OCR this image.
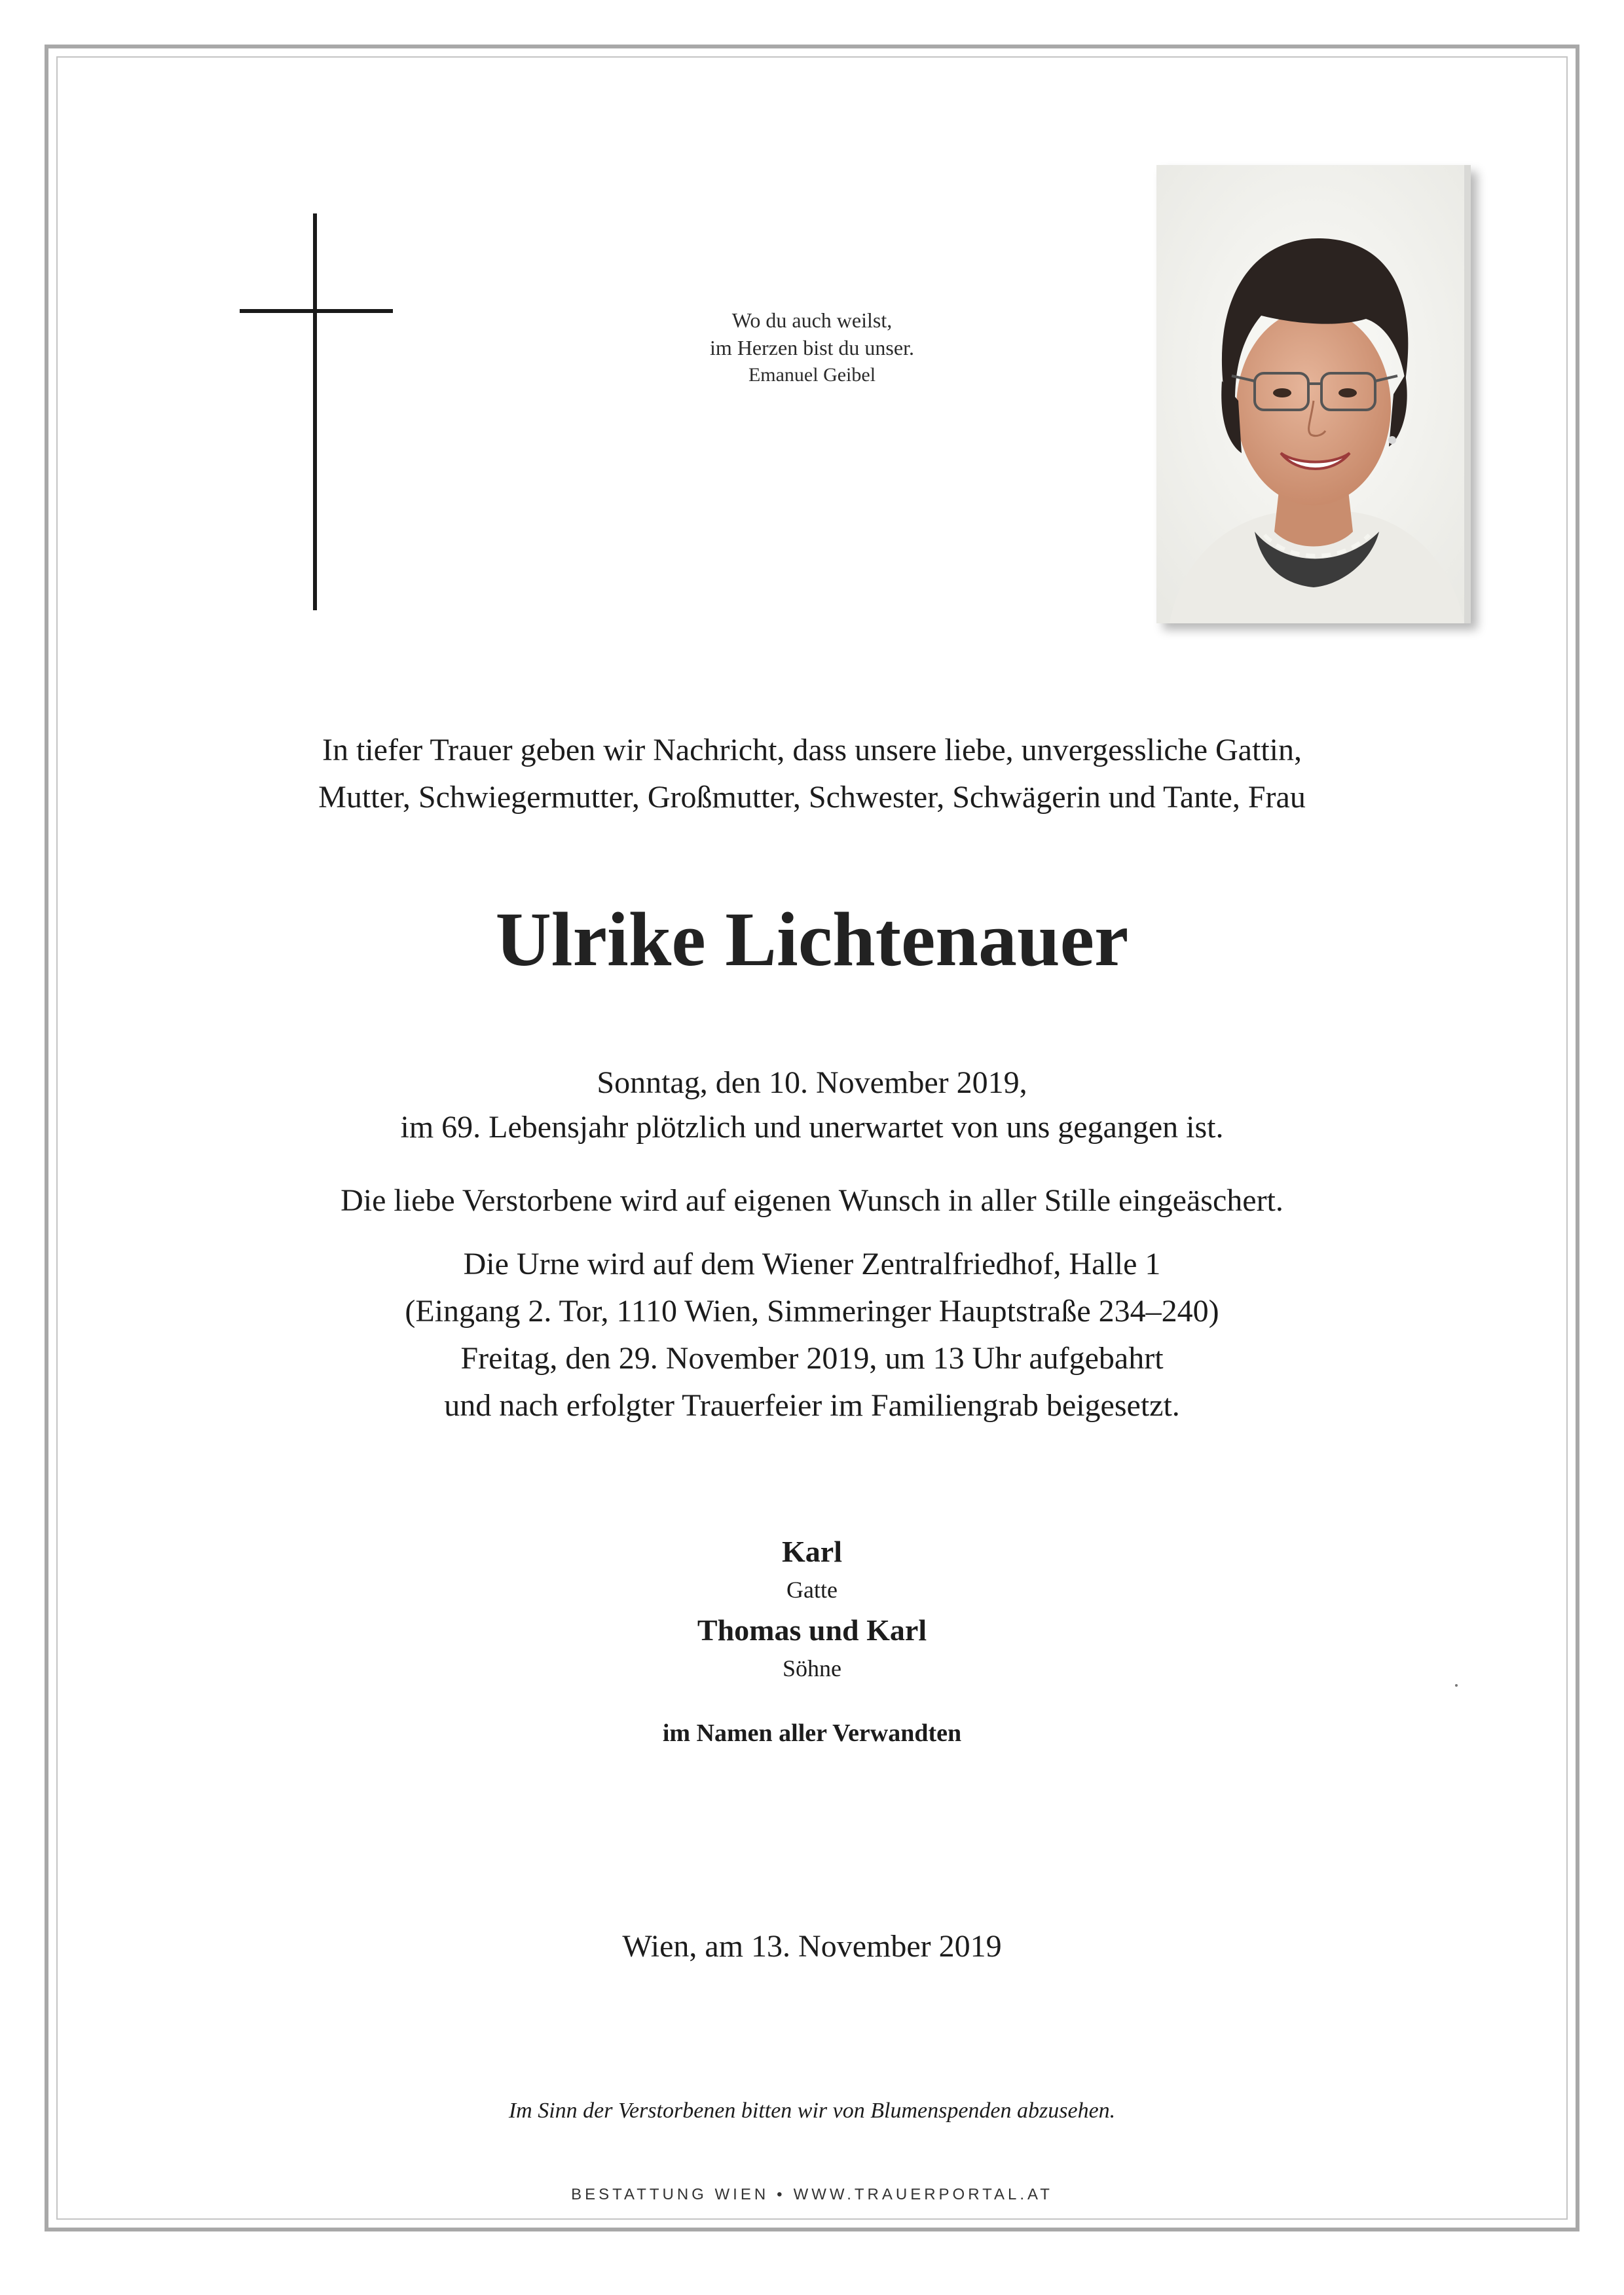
Wo du auch weilst,
im Herzen bist du unser.
Emanuel Geibel
In tiefer Trauer geben wir Nachricht, dass unsere liebe, unvergessliche Gattin,
Mutter, Schwiegermutter, Großmutter, Schwester, Schwägerin und Tante, Frau
Ulrike Lichtenauer
Sonntag, den 10. November 2019,
im 69. Lebensjahr plötzlich und unerwartet von uns gegangen ist.
Die liebe Verstorbene wird auf eigenen Wunsch in aller Stille eingeäschert.
Die Urne wird auf dem Wiener Zentralfriedhof, Halle 1
(Eingang 2. Tor, 1110 Wien, Simmeringer Hauptstraße 234–240)
Freitag, den 29. November 2019, um 13 Uhr aufgebahrt
und nach erfolgter Trauerfeier im Familiengrab beigesetzt.
Karl
Gatte
Thomas und Karl
Söhne
im Namen aller Verwandten
Wien, am 13. November 2019
Im Sinn der Verstorbenen bitten wir von Blumenspenden abzusehen.
BESTATTUNG WIEN • WWW.TRAUERPORTAL.AT
